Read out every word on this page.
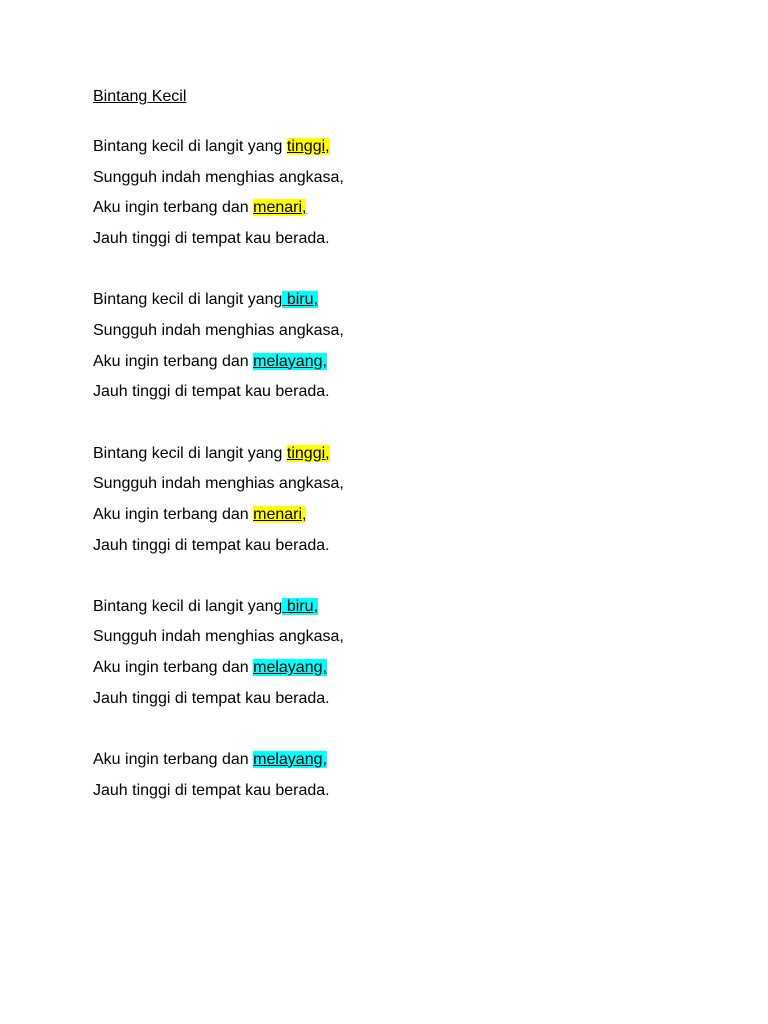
Bintang Kecil
Bintang kecil di langit yang tinggi,
Sungguh indah menghias angkasa,
Aku ingin terbang dan menari,
Jauh tinggi di tempat kau berada.
Bintang kecil di langit yang biru,
Sungguh indah menghias angkasa,
Aku ingin terbang dan melayang,
Jauh tinggi di tempat kau berada.
Bintang kecil di langit yang tinggi,
Sungguh indah menghias angkasa,
Aku ingin terbang dan menari,
Jauh tinggi di tempat kau berada.
Bintang kecil di langit yang biru,
Sungguh indah menghias angkasa,
Aku ingin terbang dan melayang,
Jauh tinggi di tempat kau berada.
Aku ingin terbang dan melayang,
Jauh tinggi di tempat kau berada.
